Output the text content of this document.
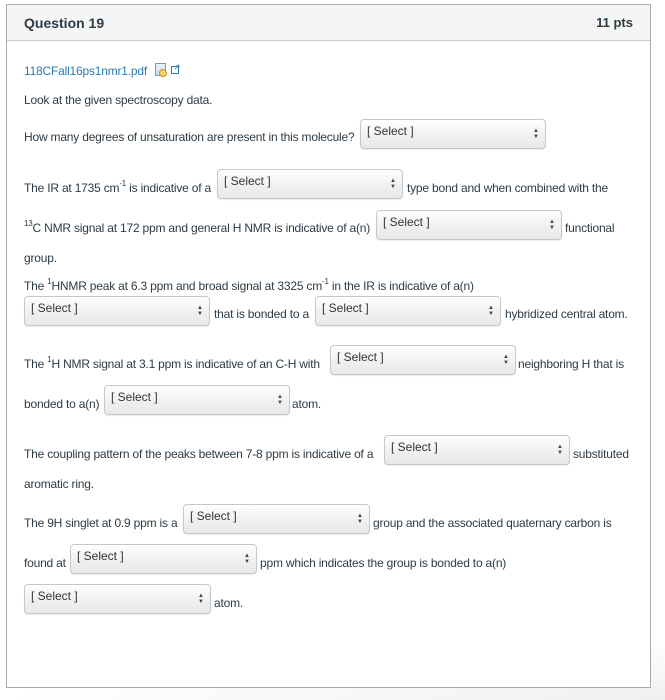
Question 19	11 pts
118CFall16ps1nmr1.pdf
↗
Look at the given spectroscopy data.
How many degrees of unsaturation are present in this molecule? [ Select ]	▲
▼
The IR at 1735 $cm^{-1}$ is indicative of a [ Select ]	▲
▼ type bond and when combined with the
$^{13}$C NMR signal at 172 ppm and general H NMR is indicative of a(n) [ Select ]	▲
▼ functional
group.
The $^1$HNMR peak at 6.3 ppm and broad signal at 3325 $cm^{-1}$ in the IR is indicative of a(n)
[ Select ]	▲
▼ that is bonded to a [ Select ]	▲
▼ hybridized central atom.
The $^1$H NMR signal at 3.1 ppm is indicative of an C-H with [ Select ]	▲
▼ neighboring H that is
bonded to a(n) [ Select ]	▲
▼ atom.
The coupling pattern of the peaks between 7-8 ppm is indicative of a [ Select ]	▲
▼ substituted
aromatic ring.
The 9H singlet at 0.9 ppm is a [ Select ]	▲
▼ group and the associated quaternary carbon is
found at [ Select ]	▲
▼ ppm which indicates the group is bonded to a(n)
[ Select ]	▲
▼ atom.
